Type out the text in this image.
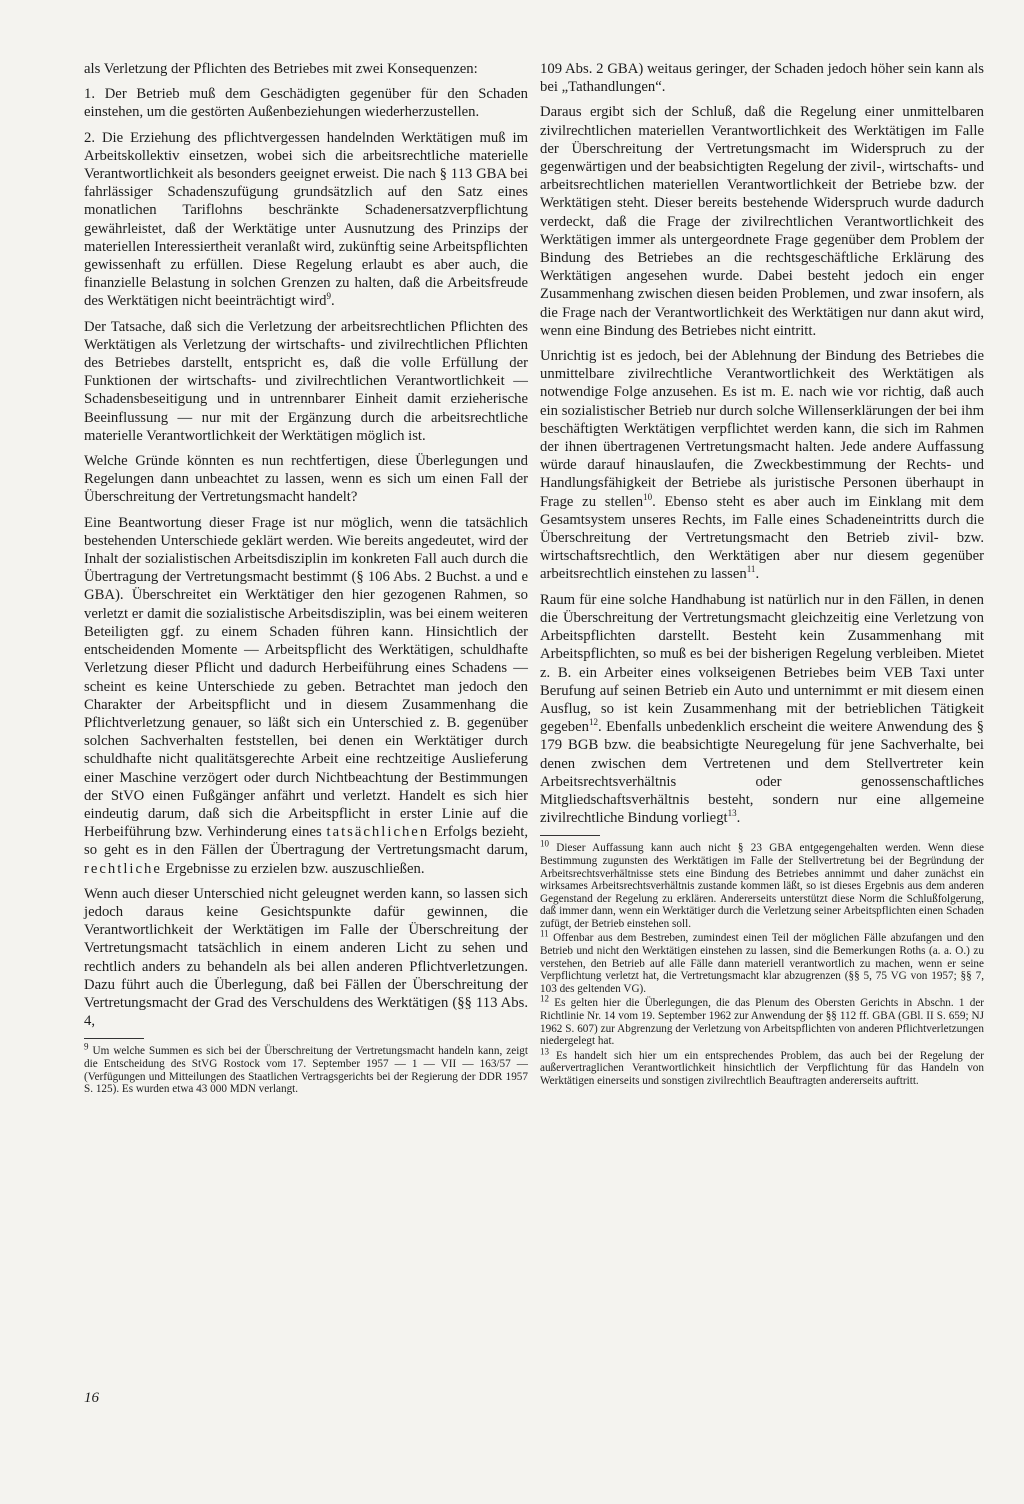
als Verletzung der Pflichten des Betriebes mit zwei Konsequenzen:

1. Der Betrieb muß dem Geschädigten gegenüber für den Schaden einstehen, um die gestörten Außenbeziehungen wiederherzustellen.

2. Die Erziehung des pflichtvergessen handelnden Werktätigen muß im Arbeitskollektiv einsetzen, wobei sich die arbeitsrechtliche materielle Verantwortlichkeit als besonders geeignet erweist. Die nach § 113 GBA bei fahrlässiger Schadenszufügung grundsätzlich auf den Satz eines monatlichen Tariflohns beschränkte Schadenersatzverpflichtung gewährleistet, daß der Werktätige unter Ausnutzung des Prinzips der materiellen Interessiertheit veranlaßt wird, zukünftig seine Arbeitspflichten gewissenhaft zu erfüllen. Diese Regelung erlaubt es aber auch, die finanzielle Belastung in solchen Grenzen zu halten, daß die Arbeitsfreude des Werktätigen nicht beeinträchtigt wird$^9$.

Der Tatsache, daß sich die Verletzung der arbeitsrechtlichen Pflichten des Werktätigen als Verletzung der wirtschafts- und zivilrechtlichen Pflichten des Betriebes darstellt, entspricht es, daß die volle Erfüllung der Funktionen der wirtschafts- und zivilrechtlichen Verantwortlichkeit — Schadensbeseitigung und in untrennbarer Einheit damit erzieherische Beeinflussung — nur mit der Ergänzung durch die arbeitsrechtliche materielle Verantwortlichkeit der Werktätigen möglich ist.

Welche Gründe könnten es nun rechtfertigen, diese Überlegungen und Regelungen dann unbeachtet zu lassen, wenn es sich um einen Fall der Überschreitung der Vertretungsmacht handelt?

Eine Beantwortung dieser Frage ist nur möglich, wenn die tatsächlich bestehenden Unterschiede geklärt werden. Wie bereits angedeutet, wird der Inhalt der sozialistischen Arbeitsdisziplin im konkreten Fall auch durch die Übertragung der Vertretungsmacht bestimmt (§ 106 Abs. 2 Buchst. a und e GBA). Überschreitet ein Werktätiger den hier gezogenen Rahmen, so verletzt er damit die sozialistische Arbeitsdisziplin, was bei einem weiteren Beteiligten ggf. zu einem Schaden führen kann. Hinsichtlich der entscheidenden Momente — Arbeitspflicht des Werktätigen, schuldhafte Verletzung dieser Pflicht und dadurch Herbeiführung eines Schadens — scheint es keine Unterschiede zu geben. Betrachtet man jedoch den Charakter der Arbeitspflicht und in diesem Zusammenhang die Pflichtverletzung genauer, so läßt sich ein Unterschied z. B. gegenüber solchen Sachverhalten feststellen, bei denen ein Werktätiger durch schuldhafte nicht qualitätsgerechte Arbeit eine rechtzeitige Auslieferung einer Maschine verzögert oder durch Nichtbeachtung der Bestimmungen der StVO einen Fußgänger anfährt und verletzt. Handelt es sich hier eindeutig darum, daß sich die Arbeitspflicht in erster Linie auf die Herbeiführung bzw. Verhinderung eines tatsächlichen Erfolgs bezieht, so geht es in den Fällen der Übertragung der Vertretungsmacht darum, rechtliche Ergebnisse zu erzielen bzw. auszuschließen.

Wenn auch dieser Unterschied nicht geleugnet werden kann, so lassen sich jedoch daraus keine Gesichtspunkte dafür gewinnen, die Verantwortlichkeit der Werktätigen im Falle der Überschreitung der Vertretungsmacht tatsächlich in einem anderen Licht zu sehen und rechtlich anders zu behandeln als bei allen anderen Pflichtverletzungen. Dazu führt auch die Überlegung, daß bei Fällen der Überschreitung der Vertretungsmacht der Grad des Verschuldens des Werktätigen (§§ 113 Abs. 4,

$^9$ Um welche Summen es sich bei der Überschreitung der Vertretungsmacht handeln kann, zeigt die Entscheidung des StVG Rostock vom 17. September 1957 — 1 — VII — 163/57 — (Verfügungen und Mitteilungen des Staatlichen Vertragsgerichts bei der Regierung der DDR 1957 S. 125). Es wurden etwa 43 000 MDN verlangt.

109 Abs. 2 GBA) weitaus geringer, der Schaden jedoch höher sein kann als bei „Tathandlungen“.

Daraus ergibt sich der Schluß, daß die Regelung einer unmittelbaren zivilrechtlichen materiellen Verantwortlichkeit des Werktätigen im Falle der Überschreitung der Vertretungsmacht im Widerspruch zu der gegenwärtigen und der beabsichtigten Regelung der zivil-, wirtschafts- und arbeitsrechtlichen materiellen Verantwortlichkeit der Betriebe bzw. der Werktätigen steht. Dieser bereits bestehende Widerspruch wurde dadurch verdeckt, daß die Frage der zivilrechtlichen Verantwortlichkeit des Werktätigen immer als untergeordnete Frage gegenüber dem Problem der Bindung des Betriebes an die rechtsgeschäftliche Erklärung des Werktätigen angesehen wurde. Dabei besteht jedoch ein enger Zusammenhang zwischen diesen beiden Problemen, und zwar insofern, als die Frage nach der Verantwortlichkeit des Werktätigen nur dann akut wird, wenn eine Bindung des Betriebes nicht eintritt.

Unrichtig ist es jedoch, bei der Ablehnung der Bindung des Betriebes die unmittelbare zivilrechtliche Verantwortlichkeit des Werktätigen als notwendige Folge anzusehen. Es ist m. E. nach wie vor richtig, daß auch ein sozialistischer Betrieb nur durch solche Willenserklärungen der bei ihm beschäftigten Werktätigen verpflichtet werden kann, die sich im Rahmen der ihnen übertragenen Vertretungsmacht halten. Jede andere Auffassung würde darauf hinauslaufen, die Zweckbestimmung der Rechts- und Handlungsfähigkeit der Betriebe als juristische Personen überhaupt in Frage zu stellen$^{10}$. Ebenso steht es aber auch im Einklang mit dem Gesamtsystem unseres Rechts, im Falle eines Schadeneintritts durch die Überschreitung der Vertretungsmacht den Betrieb zivil- bzw. wirtschaftsrechtlich, den Werktätigen aber nur diesem gegenüber arbeitsrechtlich einstehen zu lassen$^{11}$.

Raum für eine solche Handhabung ist natürlich nur in den Fällen, in denen die Überschreitung der Vertretungsmacht gleichzeitig eine Verletzung von Arbeitspflichten darstellt. Besteht kein Zusammenhang mit Arbeitspflichten, so muß es bei der bisherigen Regelung verbleiben. Mietet z. B. ein Arbeiter eines volkseigenen Betriebes beim VEB Taxi unter Berufung auf seinen Betrieb ein Auto und unternimmt er mit diesem einen Ausflug, so ist kein Zusammenhang mit der betrieblichen Tätigkeit gegeben$^{12}$. Ebenfalls unbedenklich erscheint die weitere Anwendung des § 179 BGB bzw. die beabsichtigte Neuregelung für jene Sachverhalte, bei denen zwischen dem Vertretenen und dem Stellvertreter kein Arbeitsrechtsverhältnis oder genossenschaftliches Mitgliedschaftsverhältnis besteht, sondern nur eine allgemeine zivilrechtliche Bindung vorliegt$^{13}$.

$^{10}$ Dieser Auffassung kann auch nicht § 23 GBA entgegengehalten werden. Wenn diese Bestimmung zugunsten des Werktätigen im Falle der Stellvertretung bei der Begründung der Arbeitsrechtsverhältnisse stets eine Bindung des Betriebes annimmt und daher zunächst ein wirksames Arbeitsrechtsverhältnis zustande kommen läßt, so ist dieses Ergebnis aus dem anderen Gegenstand der Regelung zu erklären. Andererseits unterstützt diese Norm die Schlußfolgerung, daß immer dann, wenn ein Werktätiger durch die Verletzung seiner Arbeitspflichten einen Schaden zufügt, der Betrieb einstehen soll.

$^{11}$ Offenbar aus dem Bestreben, zumindest einen Teil der möglichen Fälle abzufangen und den Betrieb und nicht den Werktätigen einstehen zu lassen, sind die Bemerkungen Roths (a. a. O.) zu verstehen, den Betrieb auf alle Fälle dann materiell verantwortlich zu machen, wenn er seine Verpflichtung verletzt hat, die Vertretungsmacht klar abzugrenzen (§§ 5, 75 VG von 1957; §§ 7, 103 des geltenden VG).

$^{12}$ Es gelten hier die Überlegungen, die das Plenum des Obersten Gerichts in Abschn. 1 der Richtlinie Nr. 14 vom 19. September 1962 zur Anwendung der §§ 112 ff. GBA (GBl. II S. 659; NJ 1962 S. 607) zur Abgrenzung der Verletzung von Arbeitspflichten von anderen Pflichtverletzungen niedergelegt hat.

$^{13}$ Es handelt sich hier um ein entsprechendes Problem, das auch bei der Regelung der außervertraglichen Verantwortlichkeit hinsichtlich der Verpflichtung für das Handeln von Werktätigen einerseits und sonstigen zivilrechtlich Beauftragten andererseits auftritt.

16
